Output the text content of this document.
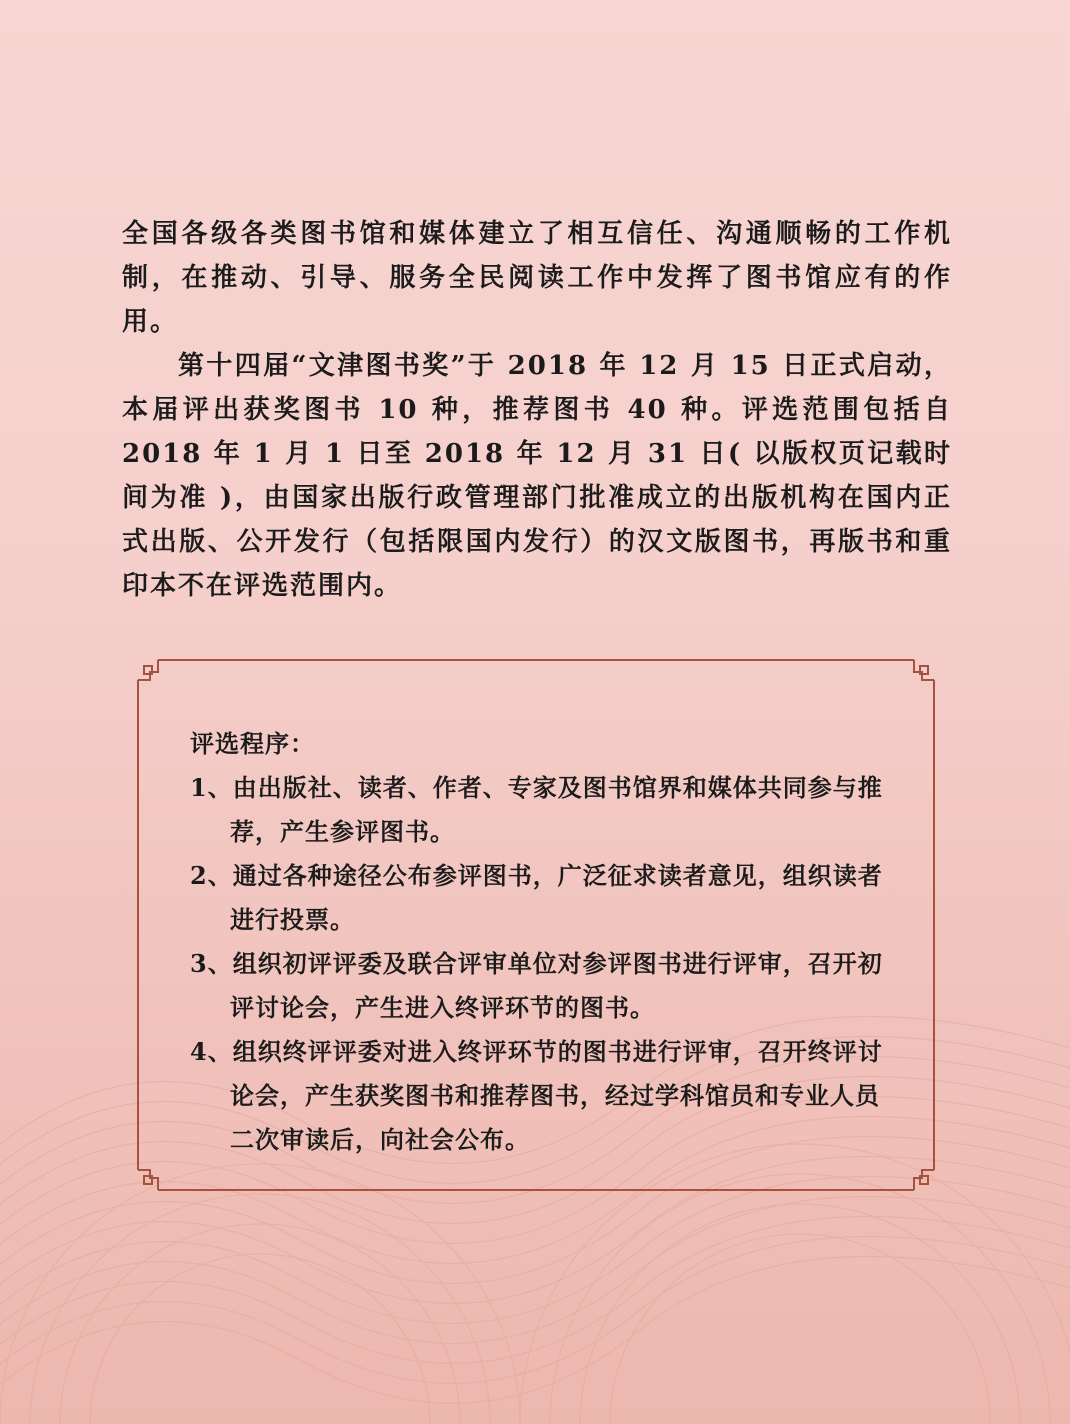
全国各级各类图书馆和媒体建立了相互信任、沟通顺畅的工作机制，在推动、引导、服务全民阅读工作中发挥了图书馆应有的作用。

第十四届“文津图书奖”于 2018 年 12 月 15 日正式启动，本届评出获奖图书 10 种，推荐图书 40 种。评选范围包括自 2018 年 1 月 1 日至 2018 年 12 月 31 日( 以版权页记载时间为准 )，由国家出版行政管理部门批准成立的出版机构在国内正式出版、公开发行（包括限国内发行）的汉文版图书，再版书和重印本不在评选范围内。

评选程序：

1、由出版社、读者、作者、专家及图书馆界和媒体共同参与推荐，产生参评图书。

2、通过各种途径公布参评图书，广泛征求读者意见，组织读者进行投票。

3、组织初评评委及联合评审单位对参评图书进行评审，召开初评讨论会，产生进入终评环节的图书。

4、组织终评评委对进入终评环节的图书进行评审，召开终评讨论会，产生获奖图书和推荐图书，经过学科馆员和专业人员二次审读后，向社会公布。
